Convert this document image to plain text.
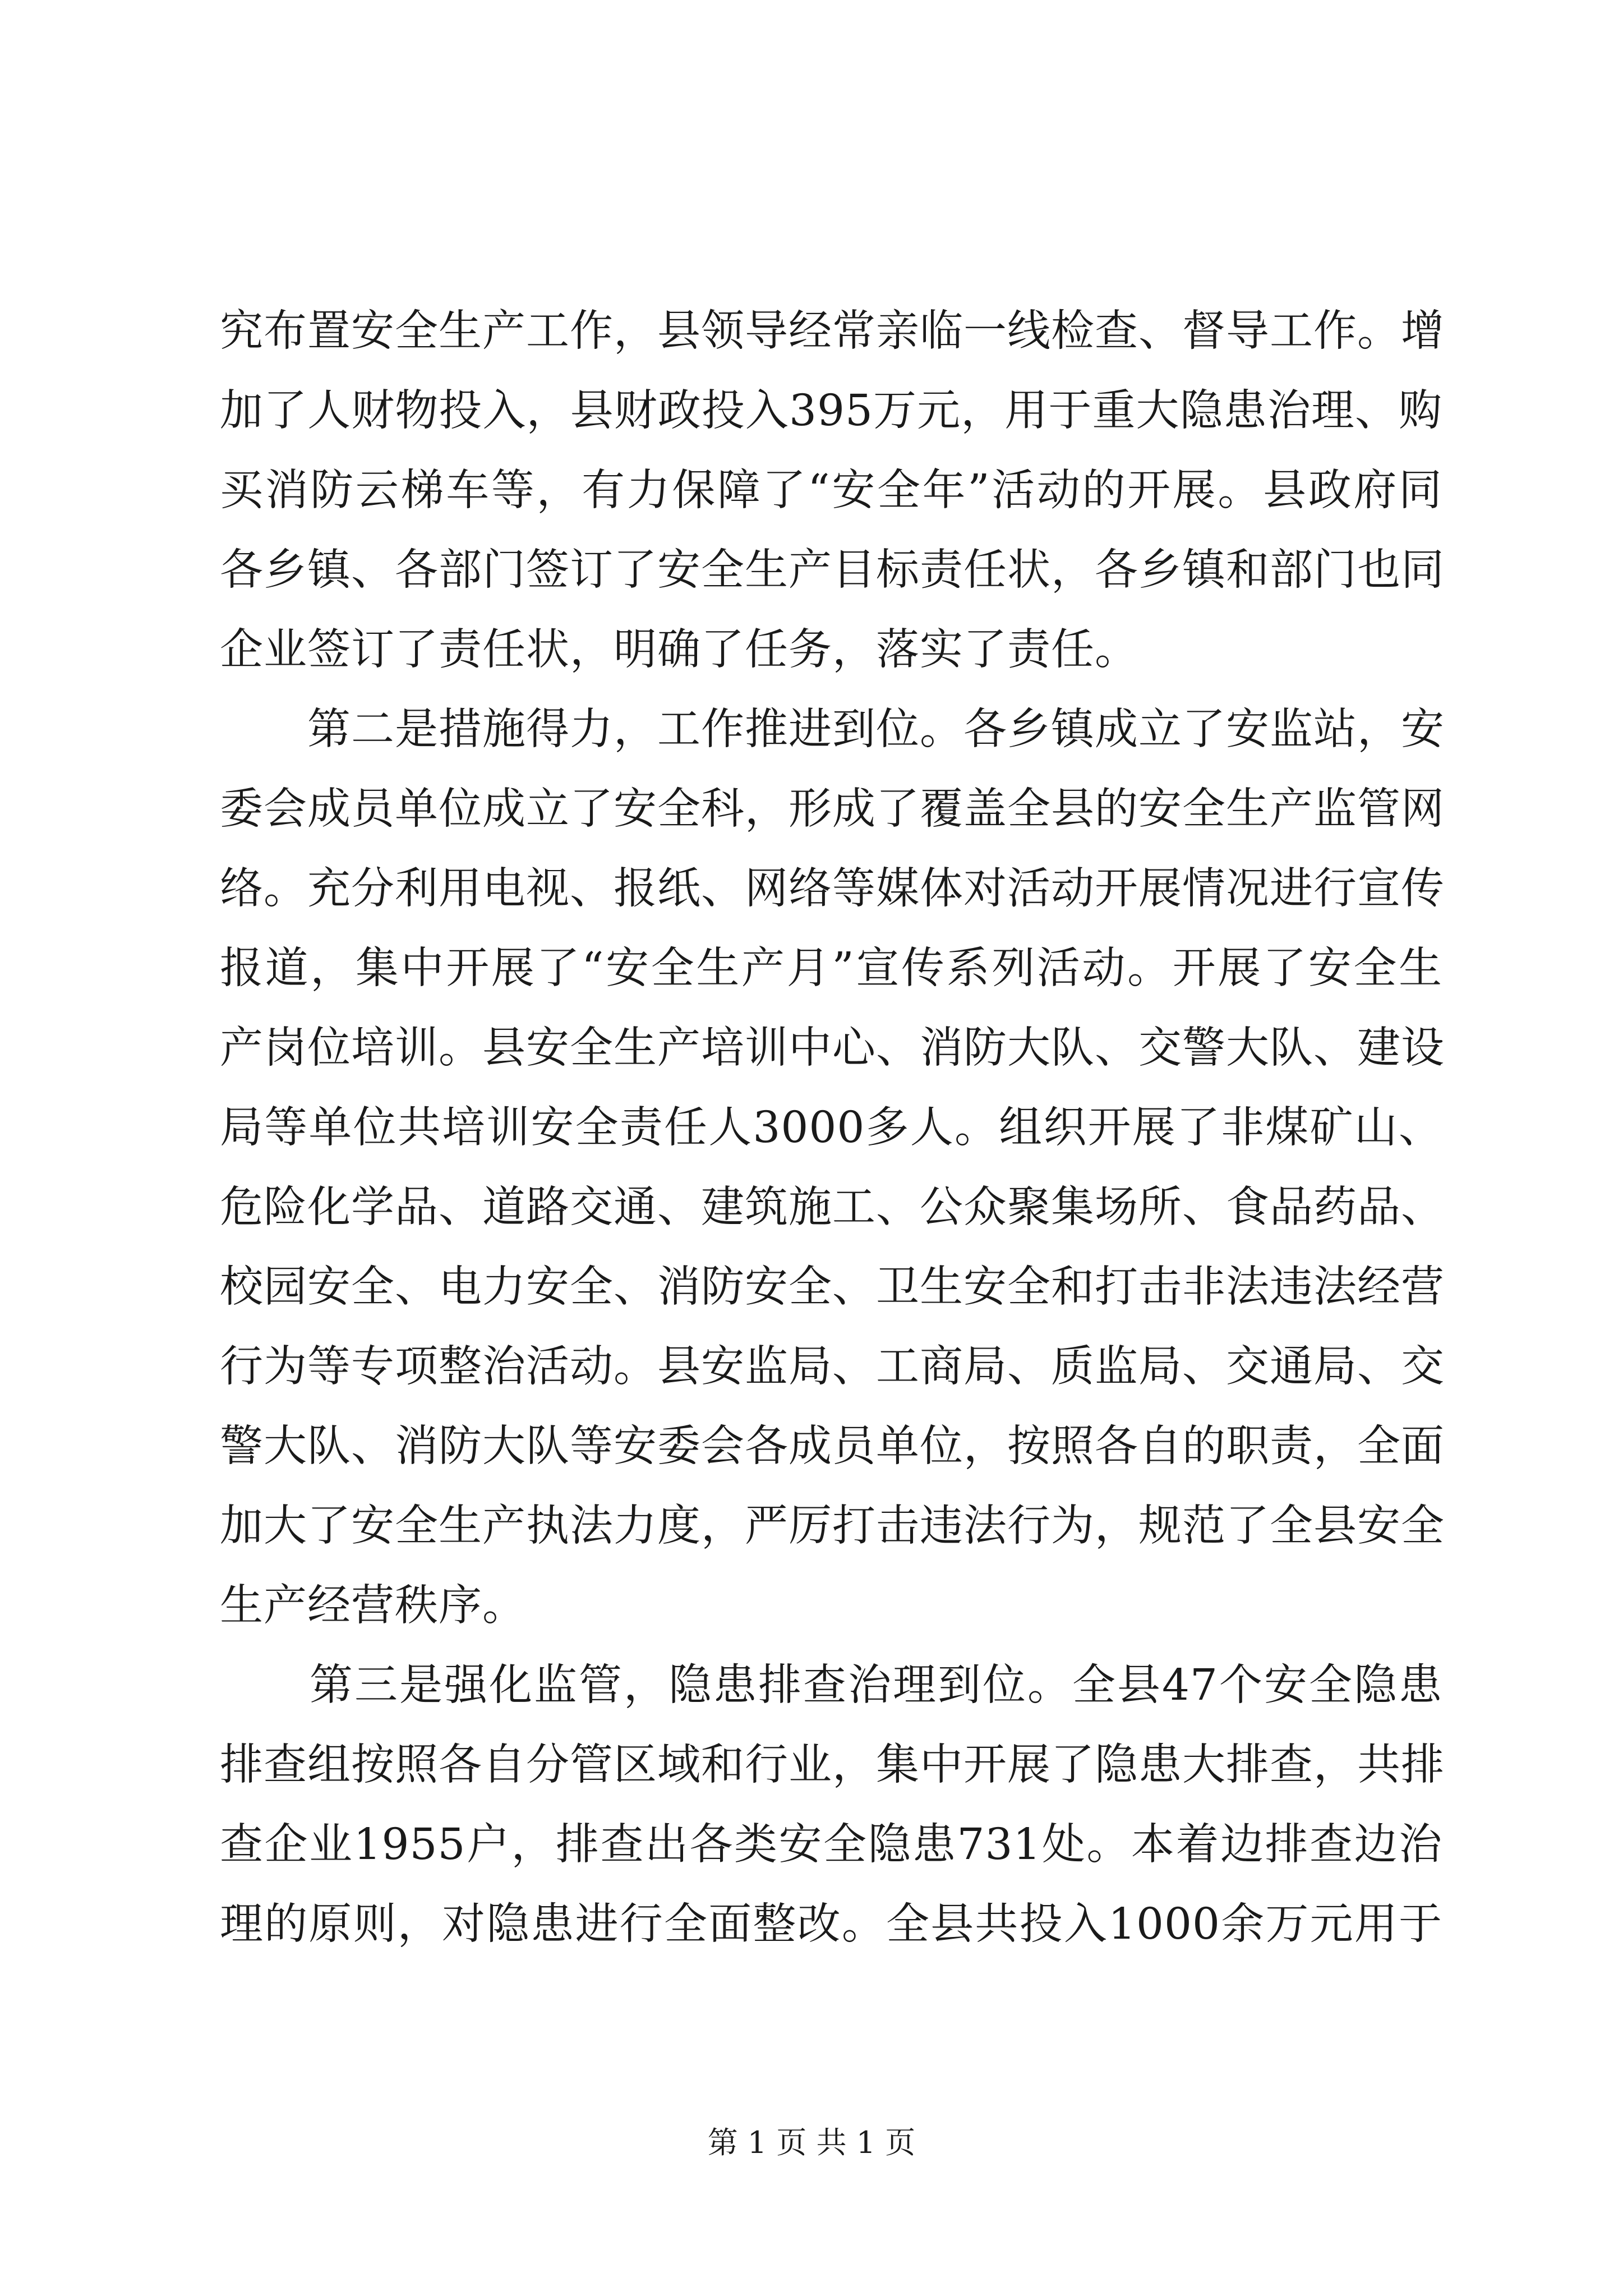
究布置安全生产工作，县领导经常亲临一线检查、督导工作。增
加了人财物投入，县财政投入395万元，用于重大隐患治理、购
买消防云梯车等，有力保障了“安全年”活动的开展。县政府同
各乡镇、各部门签订了安全生产目标责任状，各乡镇和部门也同
企业签订了责任状，明确了任务，落实了责任。
　　第二是措施得力，工作推进到位。各乡镇成立了安监站，安
委会成员单位成立了安全科，形成了覆盖全县的安全生产监管网
络。充分利用电视、报纸、网络等媒体对活动开展情况进行宣传
报道，集中开展了“安全生产月”宣传系列活动。开展了安全生
产岗位培训。县安全生产培训中心、消防大队、交警大队、建设
局等单位共培训安全责任人3000多人。组织开展了非煤矿山、
危险化学品、道路交通、建筑施工、公众聚集场所、食品药品、
校园安全、电力安全、消防安全、卫生安全和打击非法违法经营
行为等专项整治活动。县安监局、工商局、质监局、交通局、交
警大队、消防大队等安委会各成员单位，按照各自的职责，全面
加大了安全生产执法力度，严厉打击违法行为，规范了全县安全
生产经营秩序。
　　第三是强化监管，隐患排查治理到位。全县47个安全隐患
排查组按照各自分管区域和行业，集中开展了隐患大排查，共排
查企业1955户，排查出各类安全隐患731处。本着边排查边治
理的原则，对隐患进行全面整改。全县共投入1000余万元用于
第 1 页 共 1 页
